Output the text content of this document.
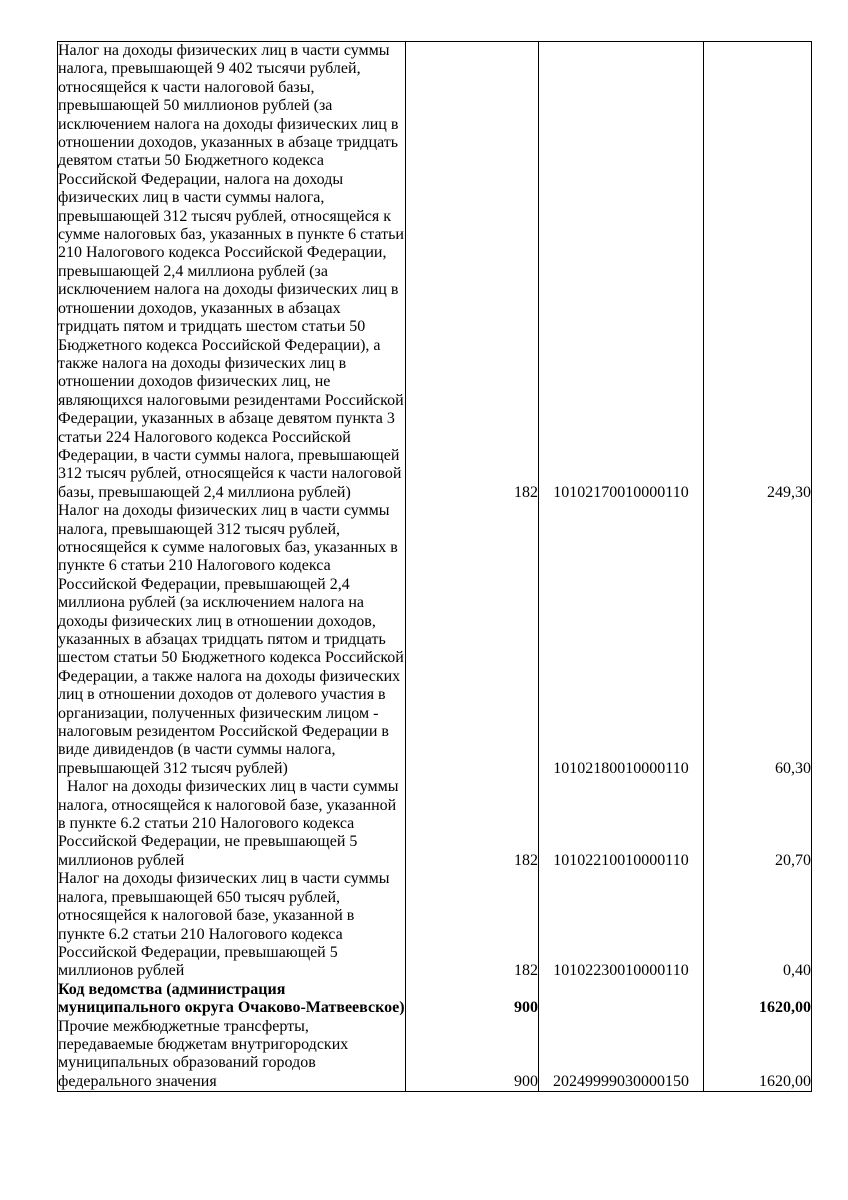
Налог на доходы физических лиц в части суммы налога, превышающей 9 402 тысячи рублей, относящейся к части налоговой базы, превышающей 50 миллионов рублей (за исключением налога на доходы физических лиц в отношении доходов, указанных в абзаце тридцать девятом статьи 50 Бюджетного кодекса Российской Федерации, налога на доходы физических лиц в части суммы налога, превышающей 312 тысяч рублей, относящейся к сумме налоговых баз, указанных в пункте 6 статьи 210 Налогового кодекса Российской Федерации, превышающей 2,4 миллиона рублей (за исключением налога на доходы физических лиц в отношении доходов, указанных в абзацах тридцать пятом и тридцать шестом статьи 50 Бюджетного кодекса Российской Федерации), а также налога на доходы физических лиц в отношении доходов физических лиц, не являющихся налоговыми резидентами Российской Федерации, указанных в абзаце девятом пункта 3 статьи 224 Налогового кодекса Российской Федерации, в части суммы налога, превышающей 312 тысяч рублей, относящейся к части налоговой базы, превышающей 2,4 миллиона рублей)	182	10102170010000110	249,30
Налог на доходы физических лиц в части суммы налога, превышающей 312 тысяч рублей, относящейся к сумме налоговых баз, указанных в пункте 6 статьи 210 Налогового кодекса Российской Федерации, превышающей 2,4 миллиона рублей (за исключением налога на доходы физических лиц в отношении доходов, указанных в абзацах тридцать пятом и тридцать шестом статьи 50 Бюджетного кодекса Российской Федерации, а также налога на доходы физических лиц в отношении доходов от долевого участия в организации, полученных физическим лицом - налоговым резидентом Российской Федерации в виде дивидендов (в части суммы налога, превышающей 312 тысяч рублей)		10102180010000110	60,30
Налог на доходы физических лиц в части суммы налога, относящейся к налоговой базе, указанной в пункте 6.2 статьи 210 Налогового кодекса Российской Федерации, не превышающей 5 миллионов рублей	182	10102210010000110	20,70
Налог на доходы физических лиц в части суммы налога, превышающей 650 тысяч рублей, относящейся к налоговой базе, указанной в пункте 6.2 статьи 210 Налогового кодекса Российской Федерации, превышающей 5 миллионов рублей	182	10102230010000110	0,40
Код ведомства (администрация муниципального округа Очаково-Матвеевское)	900		1620,00
Прочие межбюджетные трансферты, передаваемые бюджетам внутригородских муниципальных образований городов федерального значения	900	20249999030000150	1620,00
